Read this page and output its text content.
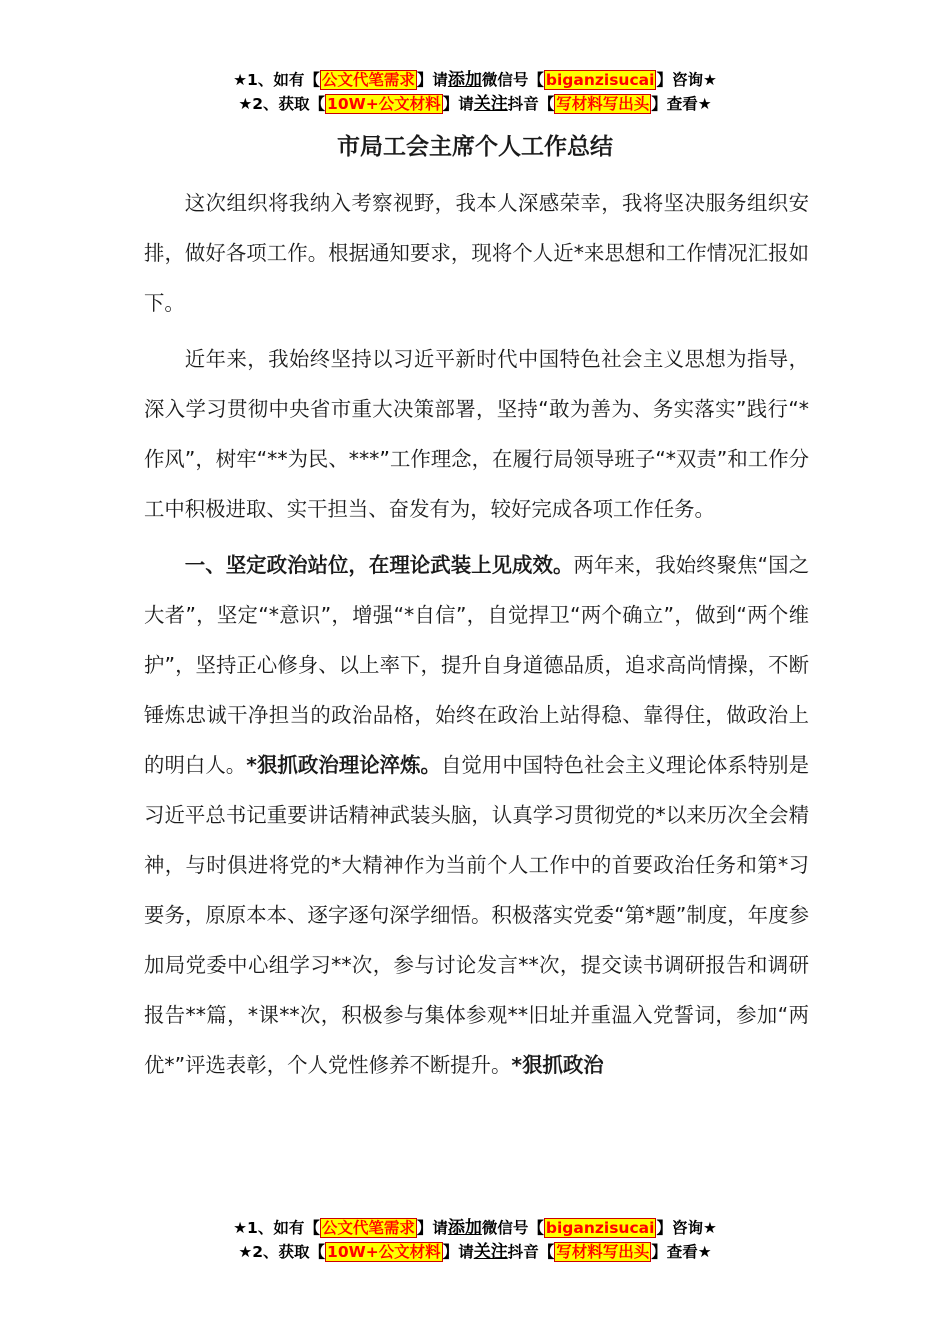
★1、如有【 公文代笔需求 】请添加微信号【 biganzisucai 】咨询★
★2、获取【 10W+公文材料 】请关注抖音【 写材料写出头 】查看★
市局工会主席个人工作总结

这次组织将我纳入考察视野，我本人深感荣幸，我将坚决服务组织安排，做好各项工作。根据通知要求，现将个人近*来思想和工作情况汇报如下。

近年来，我始终坚持以习近平新时代中国特色社会主义思想为指导，深入学习贯彻中央省市重大决策部署，坚持“敢为善为、务实落实”践行“*作风”，树牢“**为民、***”工作理念，在履行局领导班子“*双责”和工作分工中积极进取、实干担当、奋发有为，较好完成各项工作任务。

一、坚定政治站位，在理论武装上见成效。两年来，我始终聚焦“国之大者”，坚定“*意识”，增强“*自信”，自觉捍卫“两个确立”，做到“两个维护”，坚持正心修身、以上率下，提升自身道德品质，追求高尚情操，不断锤炼忠诚干净担当的政治品格，始终在政治上站得稳、靠得住，做政治上的明白人。*狠抓政治理论淬炼。自觉用中国特色社会主义理论体系特别是习近平总书记重要讲话精神武装头脑，认真学习贯彻党的*以来历次全会精神，与时俱进将党的*大精神作为当前个人工作中的首要政治任务和第*习要务，原原本本、逐字逐句深学细悟。积极落实党委“第*题”制度，年度参加局党委中心组学习**次，参与讨论发言**次，提交读书调研报告和调研报告**篇，*课**次，积极参与集体参观**旧址并重温入党誓词，参加“两优*”评选表彰，个人党性修养不断提升。*狠抓政治

★1、如有【 公文代笔需求 】请添加微信号【 biganzisucai 】咨询★
★2、获取【 10W+公文材料 】请关注抖音【 写材料写出头 】查看★
